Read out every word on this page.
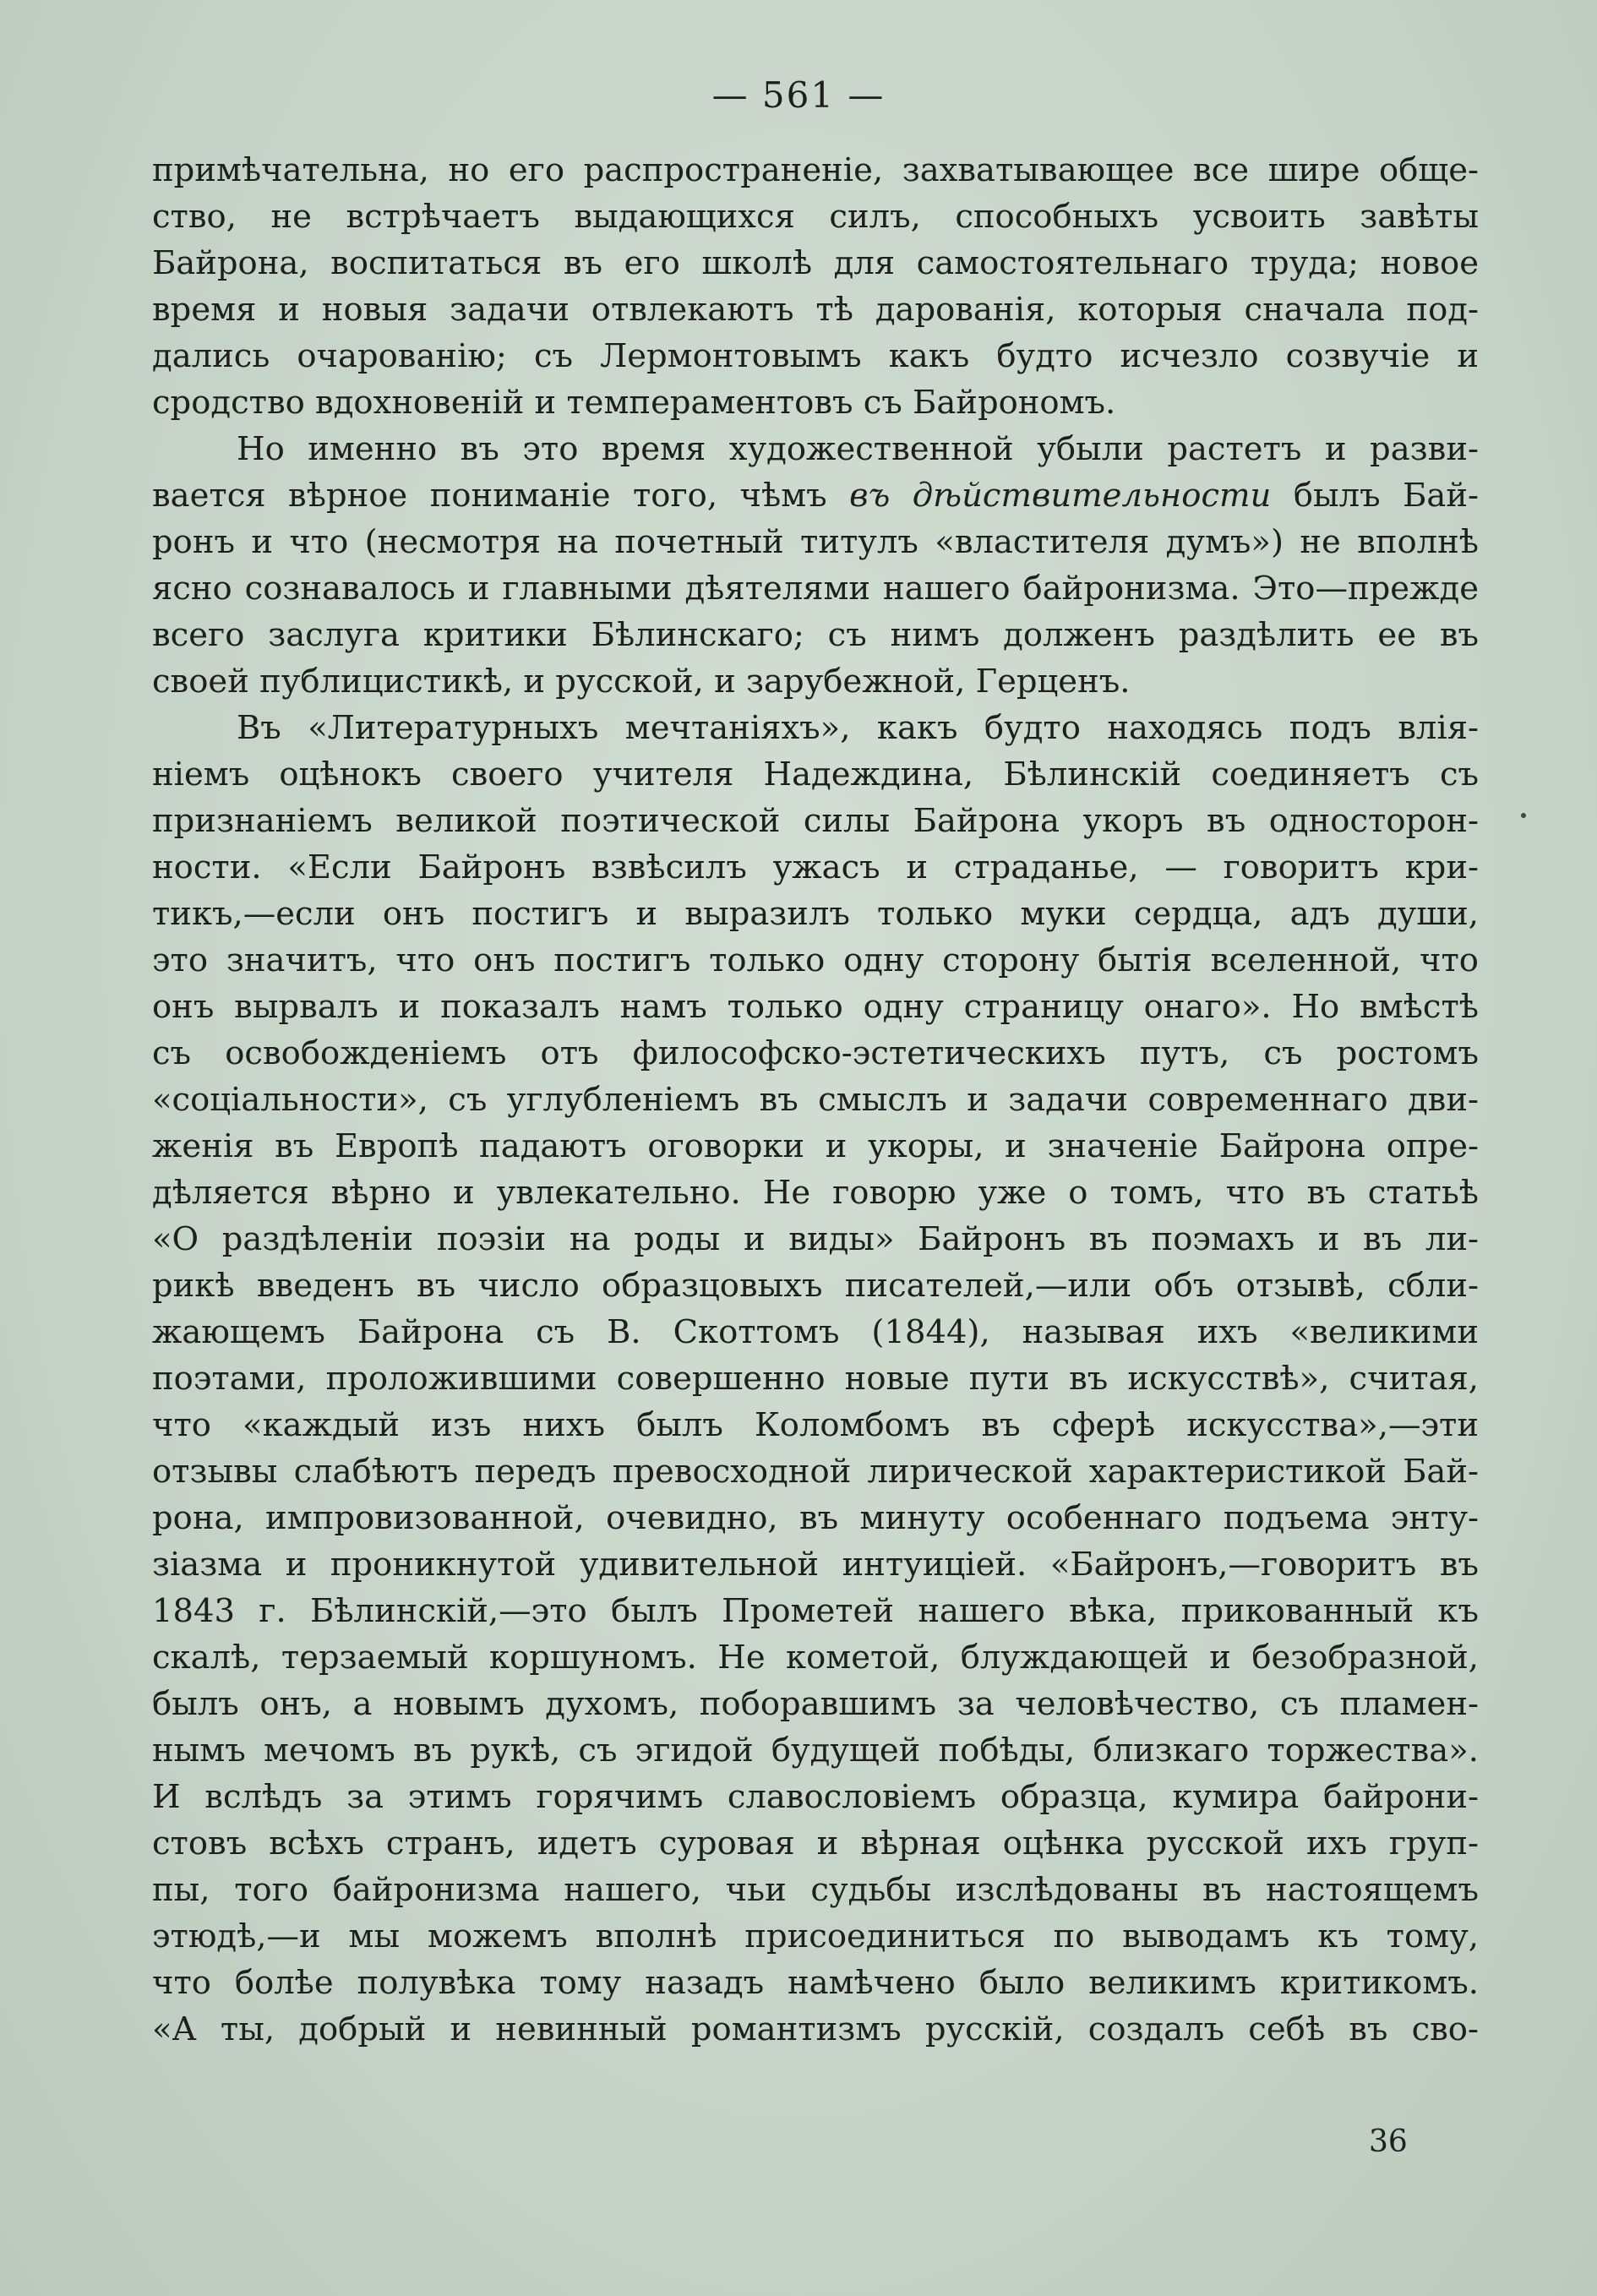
— 561 —
примѣчательна, но его распространеніе, захватывающее все шире обще-
ство, не встрѣчаетъ выдающихся силъ, способныхъ усвоить завѣты
Байрона, воспитаться въ его школѣ для самостоятельнаго труда; новое
время и новыя задачи отвлекаютъ тѣ дарованія, которыя сначала под-
дались очарованію; съ Лермонтовымъ какъ будто исчезло созвучіе и
сродство вдохновеній и темпераментовъ съ Байрономъ.
Но именно въ это время художественной убыли растетъ и разви-
вается вѣрное пониманіе того, чѣмъ въ дѣйствительности былъ Бай-
ронъ и что (несмотря на почетный титулъ «властителя думъ») не вполнѣ
ясно сознавалось и главными дѣятелями нашего байронизма. Это—прежде
всего заслуга критики Бѣлинскаго; съ нимъ долженъ раздѣлить ее въ
своей публицистикѣ, и русской, и зарубежной, Герценъ.
Въ «Литературныхъ мечтаніяхъ», какъ будто находясь подъ влія-
ніемъ оцѣнокъ своего учителя Надеждина, Бѣлинскій соединяетъ съ
признаніемъ великой поэтической силы Байрона укоръ въ односторон-
ности. «Если Байронъ взвѣсилъ ужасъ и страданье, — говоритъ кри-
тикъ,—если онъ постигъ и выразилъ только муки сердца, адъ души,
это значитъ, что онъ постигъ только одну сторону бытія вселенной, что
онъ вырвалъ и показалъ намъ только одну страницу онаго». Но вмѣстѣ
съ освобожденіемъ отъ философско-эстетическихъ путъ, съ ростомъ
«соціальности», съ углубленіемъ въ смыслъ и задачи современнаго дви-
женія въ Европѣ падаютъ оговорки и укоры, и значеніе Байрона опре-
дѣляется вѣрно и увлекательно. Не говорю уже о томъ, что въ статьѣ
«О раздѣленіи поэзіи на роды и виды» Байронъ въ поэмахъ и въ ли-
рикѣ введенъ въ число образцовыхъ писателей,—или объ отзывѣ, сбли-
жающемъ Байрона съ В. Скоттомъ (1844), называя ихъ «великими
поэтами, проложившими совершенно новые пути въ искусствѣ», считая,
что «каждый изъ нихъ былъ Коломбомъ въ сферѣ искусства»,—эти
отзывы слабѣютъ передъ превосходной лирической характеристикой Бай-
рона, импровизованной, очевидно, въ минуту особеннаго подъема энту-
зіазма и проникнутой удивительной интуиціей. «Байронъ,—говоритъ въ
1843 г. Бѣлинскій,—это былъ Прометей нашего вѣка, прикованный къ
скалѣ, терзаемый коршуномъ. Не кометой, блуждающей и безобразной,
былъ онъ, а новымъ духомъ, поборавшимъ за человѣчество, съ пламен-
нымъ мечомъ въ рукѣ, съ эгидой будущей побѣды, близкаго торжества».
И вслѣдъ за этимъ горячимъ славословіемъ образца, кумира байрони-
стовъ всѣхъ странъ, идетъ суровая и вѣрная оцѣнка русской ихъ груп-
пы, того байронизма нашего, чьи судьбы изслѣдованы въ настоящемъ
этюдѣ,—и мы можемъ вполнѣ присоединиться по выводамъ къ тому,
что болѣе полувѣка тому назадъ намѣчено было великимъ критикомъ.
«А ты, добрый и невинный романтизмъ русскій, создалъ себѣ въ сво-
36
